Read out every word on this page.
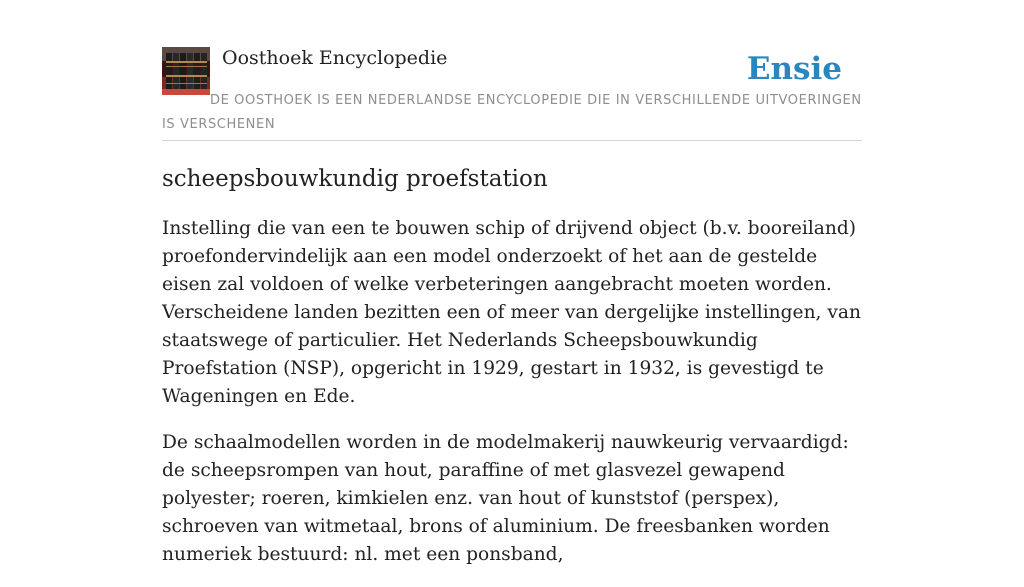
Oosthoek Encyclopedie	Ensie
DE OOSTHOEK IS EEN NEDERLANDSE ENCYCLOPEDIE DIE IN VERSCHILLENDE UITVOERINGEN IS VERSCHENEN
scheepsbouwkundig proefstation

Instelling die van een te bouwen schip of drijvend object (b.v. booreiland) proefondervindelijk aan een model onderzoekt of het aan de gestelde eisen zal voldoen of welke verbeteringen aangebracht moeten worden. Verscheidene landen bezitten een of meer van dergelijke instellingen, van staatswege of particulier. Het Nederlands Scheepsbouwkundig Proefstation (NSP), opgericht in 1929, gestart in 1932, is gevestigd te Wageningen en Ede.

De schaalmodellen worden in de modelmakerij nauwkeurig vervaardigd: de scheepsrompen van hout, paraffine of met glasvezel gewapend polyester; roeren, kimkielen enz. van hout of kunststof (perspex), schroeven van witmetaal, brons of aluminium. De freesbanken worden numeriek bestuurd: nl. met een ponsband,
